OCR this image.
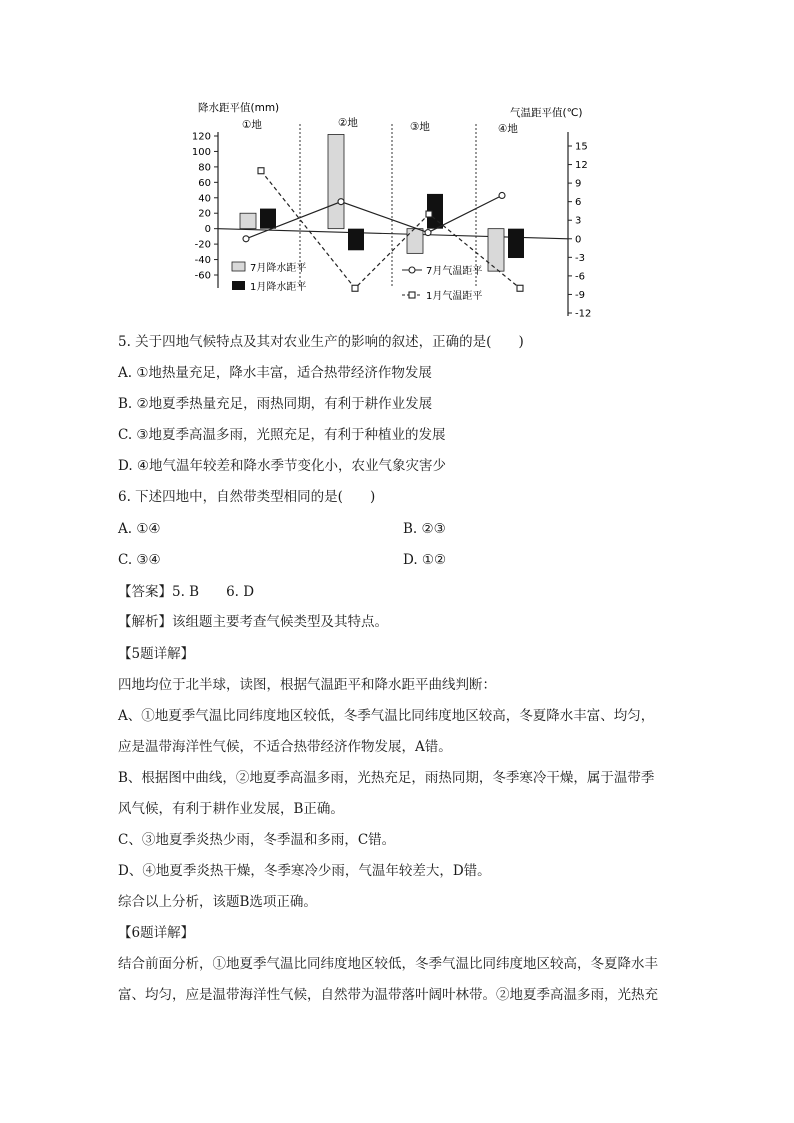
降水距平值(mm)	气温距平值(℃)
①地	②地	③地	④地
120
100
80
60
40
20
0
-20
-40
-60
15
12
9
6
3
0
-3
-6
-9
-12
7月降水距平
1月降水距平
7月气温距平
1月气温距平
5. 关于四地气候特点及其对农业生产的影响的叙述，正确的是(　　)
A. ①地热量充足，降水丰富，适合热带经济作物发展
B. ②地夏季热量充足，雨热同期，有利于耕作业发展
C. ③地夏季高温多雨，光照充足，有利于种植业的发展
D. ④地气温年较差和降水季节变化小，农业气象灾害少
6. 下述四地中，自然带类型相同的是(　　)
A. ①④	B. ②③
C. ③④	D. ①②
【答案】5. B　　6. D
【解析】该组题主要考查气候类型及其特点。
【5题详解】
四地均位于北半球，读图，根据气温距平和降水距平曲线判断：
A、①地夏季气温比同纬度地区较低，冬季气温比同纬度地区较高，冬夏降水丰富、均匀，
应是温带海洋性气候，不适合热带经济作物发展，A错。
B、根据图中曲线，②地夏季高温多雨，光热充足，雨热同期，冬季寒冷干燥，属于温带季
风气候，有利于耕作业发展，B正确。
C、③地夏季炎热少雨，冬季温和多雨，C错。
D、④地夏季炎热干燥，冬季寒冷少雨，气温年较差大，D错。
综合以上分析，该题B选项正确。
【6题详解】
结合前面分析，①地夏季气温比同纬度地区较低，冬季气温比同纬度地区较高，冬夏降水丰
富、均匀，应是温带海洋性气候，自然带为温带落叶阔叶林带。②地夏季高温多雨，光热充
